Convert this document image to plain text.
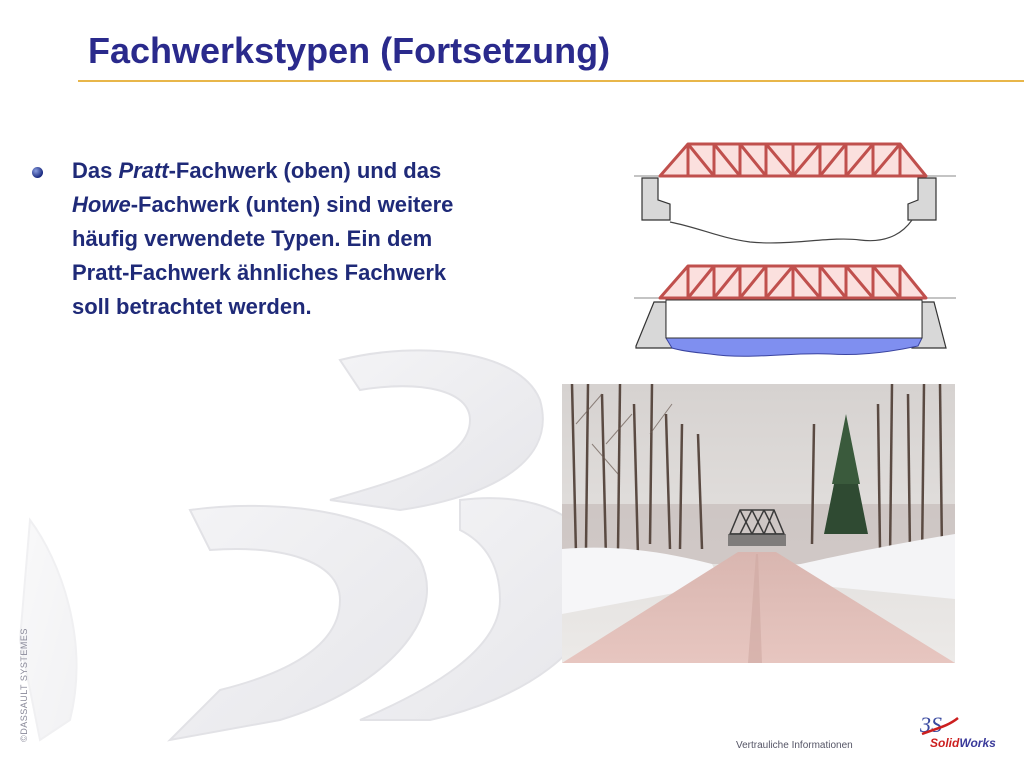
Fachwerkstypen (Fortsetzung)
Das Pratt-Fachwerk (oben) und das Howe-Fachwerk (unten) sind weitere häufig verwendete Typen. Ein dem Pratt-Fachwerk ähnliches Fachwerk soll betrachtet werden.
©DASSAULT SYSTEMES
Vertrauliche Informationen
3S
SolidWorks
